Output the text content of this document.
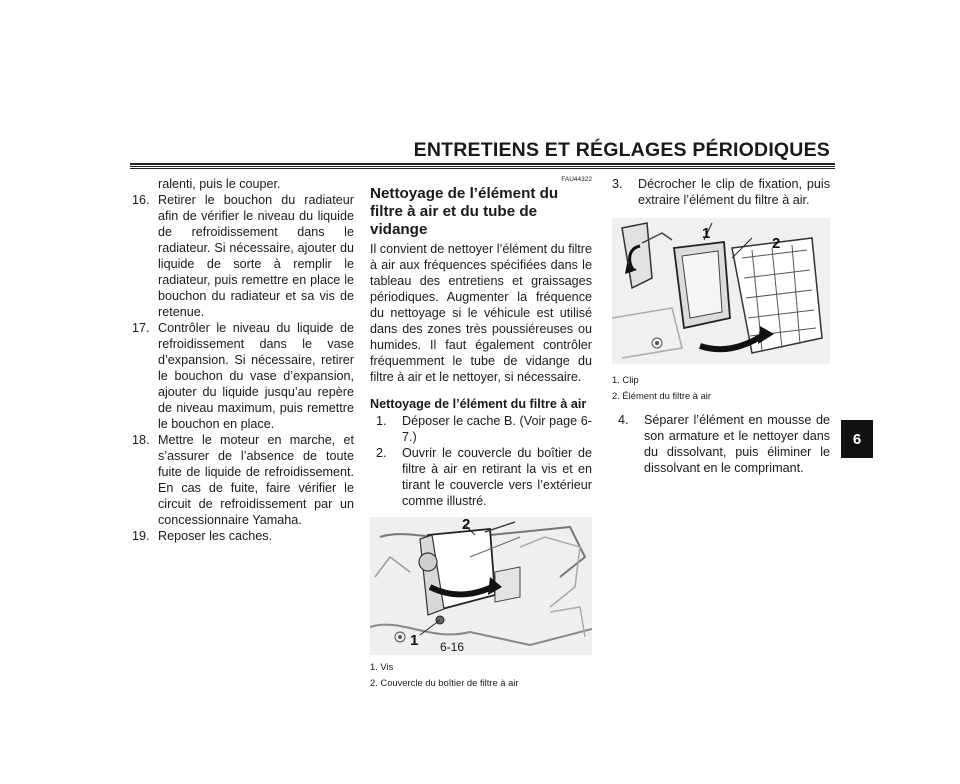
ENTRETIENS ET RÉGLAGES PÉRIODIQUES
6

ralenti, puis le couper.

16. Retirer le bouchon du radiateur afin de vérifier le niveau du liquide de refroidissement dans le radiateur. Si nécessaire, ajouter du liquide de sorte à remplir le radiateur, puis remettre en place le bouchon du radiateur et sa vis de retenue.

17. Contrôler le niveau du liquide de refroidissement dans le vase d’expansion. Si nécessaire, retirer le bouchon du vase d’expansion, ajouter du liquide jusqu’au repère de niveau maximum, puis remettre le bouchon en place.

18. Mettre le moteur en marche, et s’assurer de l’absence de toute fuite de liquide de refroidissement. En cas de fuite, faire vérifier le circuit de refroidissement par un concessionnaire Yamaha.

19. Reposer les caches.

FAU44322
Nettoyage de l’élément du filtre à air et du tube de vidange

Il convient de nettoyer l’élément du filtre à air aux fréquences spécifiées dans le tableau des entretiens et graissages périodiques. Augmenter la fréquence du nettoyage si le véhicule est utilisé dans des zones très poussiéreuses ou humides. Il faut également contrôler fréquemment le tube de vidange du filtre à air et le nettoyer, si nécessaire.

Nettoyage de l’élément du filtre à air

1. Déposer le cache B. (Voir page 6-7.)

2. Ouvrir le couvercle du boîtier de filtre à air en retirant la vis et en tirant le couvercle vers l’extérieur comme illustré.

2
1
1. Vis
2. Couvercle du boîtier de filtre à air

3. Décrocher le clip de fixation, puis extraire l’élément du filtre à air.

1
2
1. Clip
2. Élément du filtre à air

4. Séparer l’élément en mousse de son armature et le nettoyer dans du dissolvant, puis éliminer le dissolvant en le comprimant.

6-16
